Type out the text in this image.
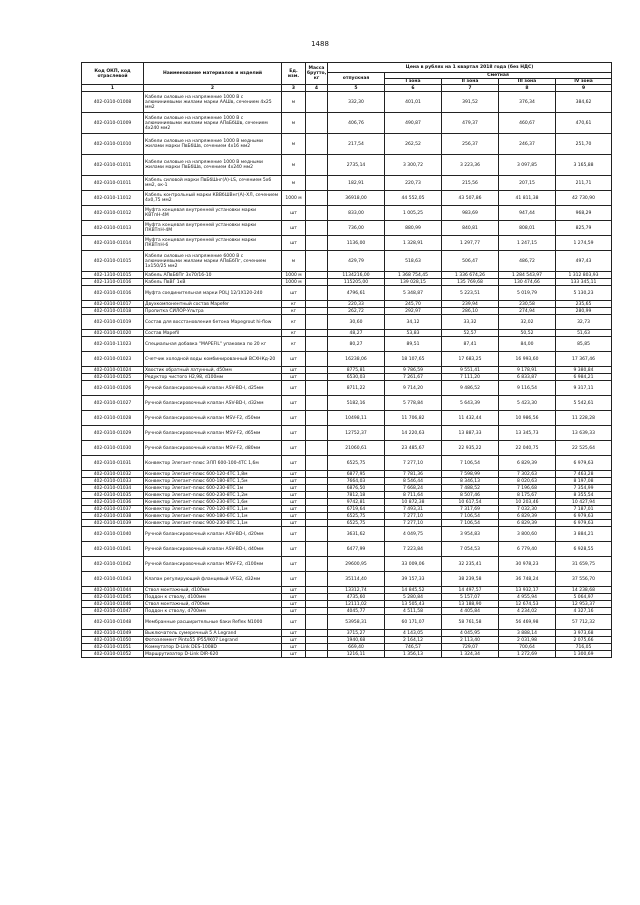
1488
Код ОКП, код отраслевой	Наименование материалов и изделий	Ед. изм.	Масса брутто, кг	Цена в рублях на 1 квартал 2018 года (без НДС)				
				отпускная	Сметная			
					I зона	II зона	III зона	IV зона
1	2	3	4	5	6	7	8	9
402-0310-01008	Кабели силовые на напряжение 1000 В с алюминиевыми жилами марки ААШв, сечением 4х25 мм2	м		332,30	401,01	391,52	376,34	384,62
402-0310-01009	Кабели силовые на напряжение 1000 В с алюминиевыми жилами марки АПвБбШв, сечением 4х240 мм2	м		406,76	490,87	479,37	460,67	470,61
402-0310-01010	Кабели силовые на напряжение 1000 В медными жилами марки ПвБбШв, сечением 4х16 мм2	м		217,54	262,52	256,37	246,37	251,70
402-0310-01011	Кабели силовые на напряжение 1000 В медными жилами марки ПвБбШв, сечением 4х240 мм2	м		2735,14	3 300,72	3 223,36	3 097,85	3 165,88
402-0310-01011	Кабель силовой марки ПвБбШнг(А)-LS, сечением 5х6 мм2, ок-1	м		182,91	220,73	215,56	207,15	211,71
402-0310-11012	Кабель контрольный марки КВВбШВнг(A)-ХЛ, сечением 4х0,75 мм2	1000 м		36918,00	44 552,05	43 507,86	41 811,38	42 730,90
402-0310-01012	Муфта концевая внутренней установки марки КВТпН-4М	шт		833,00	1 005,25	983,69	947,44	968,29
402-0310-01013	Муфта концевая внутренней установки марки ПКВТпН-4М	шт		736,00	880,99	840,81	808,01	825,79
402-0310-01014	Муфта концевая внутренней установки марки ПКВТпН-6	шт		1136,00	1 328,91	1 297,77	1 247,15	1 274,59
402-0310-01015	Кабели силовые на напряжение 6000 В с алюминиевыми жилами марки АПвБбПг, сечением 1х150/25 мм2	м		429,79	518,63	506,47	486,72	497,43
402-1310-01015	Кабель АПвБбПг 3х70/16-10	1000 м		1134216,00	1 368 754,45	1 336 674,26	1 284 543,97	1 312 803,93
402-1310-01016	Кабель ПвВГ 1кВ	1000 м		115205,00	139 028,15	135 769,68	130 474,66	133 345,11
402-0310-01016	Муфта соединительная марки POLJ 12/1Х120-240	шт		4796,61	5 348,87	5 223,51	5 019,79	5 130,23
402-0310-01017	Двухкомпонентный состав Mapefer	кг		220,33	245,70	239,94	230,58	235,65
402-0310-01018	Пропитка СИЛОР-Ультра	кг		262,72	292,97	286,10	274,94	280,99
402-0310-01019	Состав для восстановления бетона Mapegrout hi-flow	кг		30,60	34,12	33,32	32,02	32,73
402-0310-01020	Состав Mapefil	кг		48,27	53,83	52,57	50,52	51,63
402-0310-11023	Специальная добавка "МАРЕFIL" упаковка по 20 кг	кг		80,27	89,51	87,41	84,00	85,85
402-0310-01023	Счетчик холодной воды комбинированный ВСХНКд-20	шт		16238,06	18 107,65	17 683,25	16 993,60	17 367,46
402-0310-01024	Хвостик обратный латунный, d50мм	шт		8775,81	9 786,59	9 551,41	9 178,91	9 380,84
402-0310-01025	Редуктор чистого Н2,98, d100мм	шт		6530,03	7 261,67	7 111,20	6 833,87	6 984,21
402-0310-01026	Ручной балансировочный клапан ASV-BD-I, d25мм	шт		8711,22	9 714,20	9 486,52	9 116,54	9 317,11
402-0310-01027	Ручной балансировочный клапан ASV-BD-I, d32мм	шт		5182,16	5 778,84	5 643,39	5 423,30	5 542,61
402-0310-01028	Ручной балансировочный клапан MSV-F2, d50мм	шт		10498,11	11 706,82	11 432,44	10 986,56	11 228,28
402-0310-01029	Ручной балансировочный клапан MSV-F2, d65мм	шт		12752,37	14 220,63	13 887,33	13 345,73	13 639,33
402-0310-01030	Ручной балансировочный клапан MSV-F2, d80мм	шт		21060,61	23 485,67	22 935,22	22 040,75	22 525,64
402-0310-01031	Конвектор Элегант-плюс ЭЛП 600-100-4ТС 1,6м	шт		6525,75	7 277,10	7 106,54	6 829,39	6 979,63
402-0310-01032	Конвектор Элегант-плюс 600-120-4ТС 1,8м	шт		6877,95	7 781,36	7 598,99	7 302,63	7 463,28
402-0310-01033	Конвектор Элегант-плюс 600-180-8ТС 1,5м	шт		7664,03	8 546,44	8 346,13	8 020,63	8 197,08
402-0310-01034	Конвектор Элегант-плюс 600-230-8ТС 1м	шт		6876,50	7 668,24	7 488,52	7 196,68	7 354,99
402-0310-01035	Конвектор Элегант-плюс 600-230-8ТС 1,2м	шт		7812,18	8 711,64	8 507,46	8 175,67	8 355,54
402-0310-01036	Конвектор Элегант-плюс 600-230-8ТС 1,6м	шт		9742,81	10 872,38	10 617,54	10 203,46	10 427,94
402-0310-01037	Конвектор Элегант-плюс 700-120-8ТС 1,1м	шт		6719,64	7 493,31	7 317,69	7 032,30	7 187,01
402-0310-01038	Конвектор Элегант-плюс 900-180-6ТС 1,1м	шт		6525,75	7 277,10	7 106,54	6 829,39	6 979,63
402-0310-01039	Конвектор Элегант-плюс 900-230-8ТС 1,1м	шт		6525,75	7 277,10	7 106,54	6 829,39	6 979,63
402-0310-01040	Ручной балансировочный клапан ASV-BD-I, d20мм	шт		3631,62	4 049,75	3 954,83	3 800,60	3 884,21
402-0310-01041	Ручной балансировочный клапан ASV-BD-I, d40мм	шт		6477,99	7 223,84	7 054,53	6 779,40	6 928,55
402-0310-01042	Ручной балансировочный клапан MSV-F2, d100мм	шт		29600,95	33 009,06	32 235,41	30 978,23	31 659,75
402-0310-01043	Клапан регулирующий фланцевый VFG2, d32мм	шт		35114,40	39 157,33	38 239,58	36 748,24	37 556,70
402-0310-01044	Ствол монтажный, d100мм	шт		13312,74	14 845,52	14 497,57	13 932,17	14 238,68
402-0310-01045	Поддон к стволу, d100мм	шт		4735,60	5 280,84	5 157,07	4 955,94	5 064,97
402-0310-01046	Ствол монтажный, d700мм	шт		12111,02	13 505,43	13 188,90	12 674,53	12 953,37
402-0310-01047	Поддон к стволу, d700мм	шт		4045,77	4 511,58	4 405,84	4 234,02	4 327,16
402-0310-01048	Мембранные расширительные баки Reflex N1000	шт		53958,31	60 171,07	58 761,58	56 469,98	57 712,32
402-0310-01049	Выключатель сумеречный 5 A Legrand	шт		3715,27	4 143,05	4 045,95	3 888,14	3 973,68
402-0310-01050	Фотоэлемент Pinto55 IP55/IK07 Legrand	шт		1940,68	2 164,12	2 113,40	2 031,98	2 075,66
402-0310-01051	Коммутатор D-Link DES-1008D	шт		669,40	746,57	729,07	700,64	716,05
402-0310-01052	Маршрутизатор D-Link DIR-620	шт		1216,11	1 356,13	1 324,34	1 272,69	1 300,69
